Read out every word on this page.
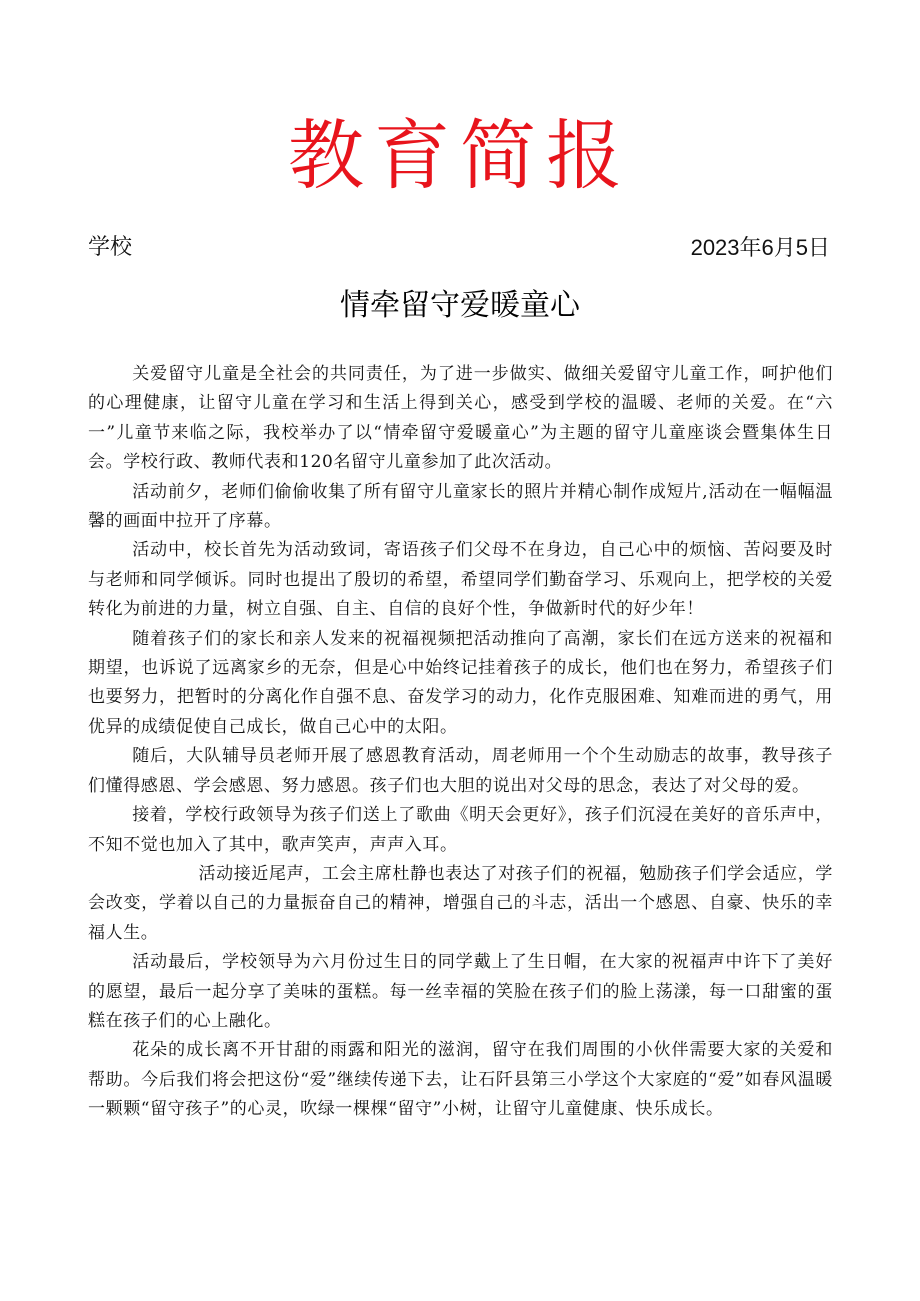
教育简报
学校	2023年6月5日
情牵留守爱暖童心

关爱留守儿童是全社会的共同责任，为了进一步做实、做细关爱留守儿童工作，呵护他们的心理健康，让留守儿童在学习和生活上得到关心，感受到学校的温暖、老师的关爱。在“六一”儿童节来临之际，我校举办了以“情牵留守爱暖童心”为主题的留守儿童座谈会暨集体生日会。学校行政、教师代表和120名留守儿童参加了此次活动。

活动前夕，老师们偷偷收集了所有留守儿童家长的照片并精心制作成短片,活动在一幅幅温馨的画面中拉开了序幕。

活动中，校长首先为活动致词，寄语孩子们父母不在身边，自己心中的烦恼、苦闷要及时与老师和同学倾诉。同时也提出了殷切的希望，希望同学们勤奋学习、乐观向上，把学校的关爱转化为前进的力量，树立自强、自主、自信的良好个性，争做新时代的好少年！

随着孩子们的家长和亲人发来的祝福视频把活动推向了高潮，家长们在远方送来的祝福和期望，也诉说了远离家乡的无奈，但是心中始终记挂着孩子的成长，他们也在努力，希望孩子们也要努力，把暂时的分离化作自强不息、奋发学习的动力，化作克服困难、知难而进的勇气，用优异的成绩促使自己成长，做自己心中的太阳。

随后，大队辅导员老师开展了感恩教育活动，周老师用一个个生动励志的故事，教导孩子们懂得感恩、学会感恩、努力感恩。孩子们也大胆的说出对父母的思念，表达了对父母的爱。

接着，学校行政领导为孩子们送上了歌曲《明天会更好》，孩子们沉浸在美好的音乐声中，不知不觉也加入了其中，歌声笑声，声声入耳。

活动接近尾声，工会主席杜静也表达了对孩子们的祝福，勉励孩子们学会适应，学会改变，学着以自己的力量振奋自己的精神，增强自己的斗志，活出一个感恩、自豪、快乐的幸福人生。

活动最后，学校领导为六月份过生日的同学戴上了生日帽，在大家的祝福声中许下了美好的愿望，最后一起分享了美味的蛋糕。每一丝幸福的笑脸在孩子们的脸上荡漾，每一口甜蜜的蛋糕在孩子们的心上融化。

花朵的成长离不开甘甜的雨露和阳光的滋润，留守在我们周围的小伙伴需要大家的关爱和帮助。今后我们将会把这份“爱”继续传递下去，让石阡县第三小学这个大家庭的“爱”如春风温暖一颗颗“留守孩子”的心灵，吹绿一棵棵“留守”小树，让留守儿童健康、快乐成长。
